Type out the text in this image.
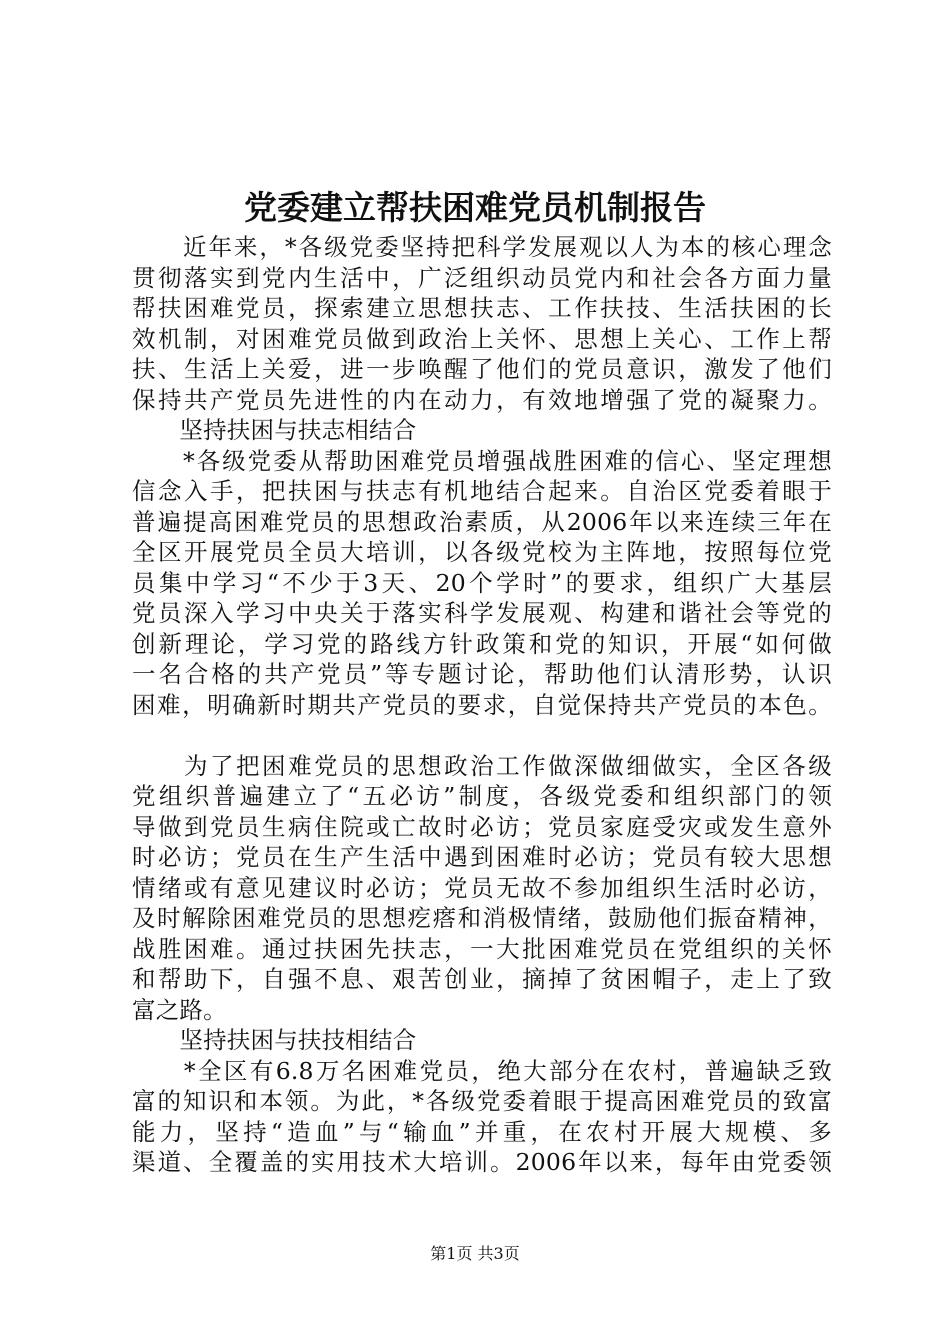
党委建立帮扶困难党员机制报告
　　近年来，*各级党委坚持把科学发展观以人为本的核心理念
贯彻落实到党内生活中，广泛组织动员党内和社会各方面力量
帮扶困难党员，探索建立思想扶志、工作扶技、生活扶困的长
效机制，对困难党员做到政治上关怀、思想上关心、工作上帮
扶、生活上关爱，进一步唤醒了他们的党员意识，激发了他们
保持共产党员先进性的内在动力，有效地增强了党的凝聚力。
　　坚持扶困与扶志相结合
　　*各级党委从帮助困难党员增强战胜困难的信心、坚定理想
信念入手，把扶困与扶志有机地结合起来。自治区党委着眼于
普遍提高困难党员的思想政治素质，从2006年以来连续三年在
全区开展党员全员大培训，以各级党校为主阵地，按照每位党
员集中学习“不少于3天、20个学时”的要求，组织广大基层
党员深入学习中央关于落实科学发展观、构建和谐社会等党的
创新理论，学习党的路线方针政策和党的知识，开展“如何做
一名合格的共产党员”等专题讨论，帮助他们认清形势，认识
困难，明确新时期共产党员的要求，自觉保持共产党员的本色。
　　为了把困难党员的思想政治工作做深做细做实，全区各级
党组织普遍建立了“五必访”制度，各级党委和组织部门的领
导做到党员生病住院或亡故时必访；党员家庭受灾或发生意外
时必访；党员在生产生活中遇到困难时必访；党员有较大思想
情绪或有意见建议时必访；党员无故不参加组织生活时必访，
及时解除困难党员的思想疙瘩和消极情绪，鼓励他们振奋精神，
战胜困难。通过扶困先扶志，一大批困难党员在党组织的关怀
和帮助下，自强不息、艰苦创业，摘掉了贫困帽子，走上了致
富之路。
　　坚持扶困与扶技相结合
　　*全区有6.8万名困难党员，绝大部分在农村，普遍缺乏致
富的知识和本领。为此，*各级党委着眼于提高困难党员的致富
能力，坚持“造血”与“输血”并重，在农村开展大规模、多
渠道、全覆盖的实用技术大培训。2006年以来，每年由党委领
第1页 共3页
